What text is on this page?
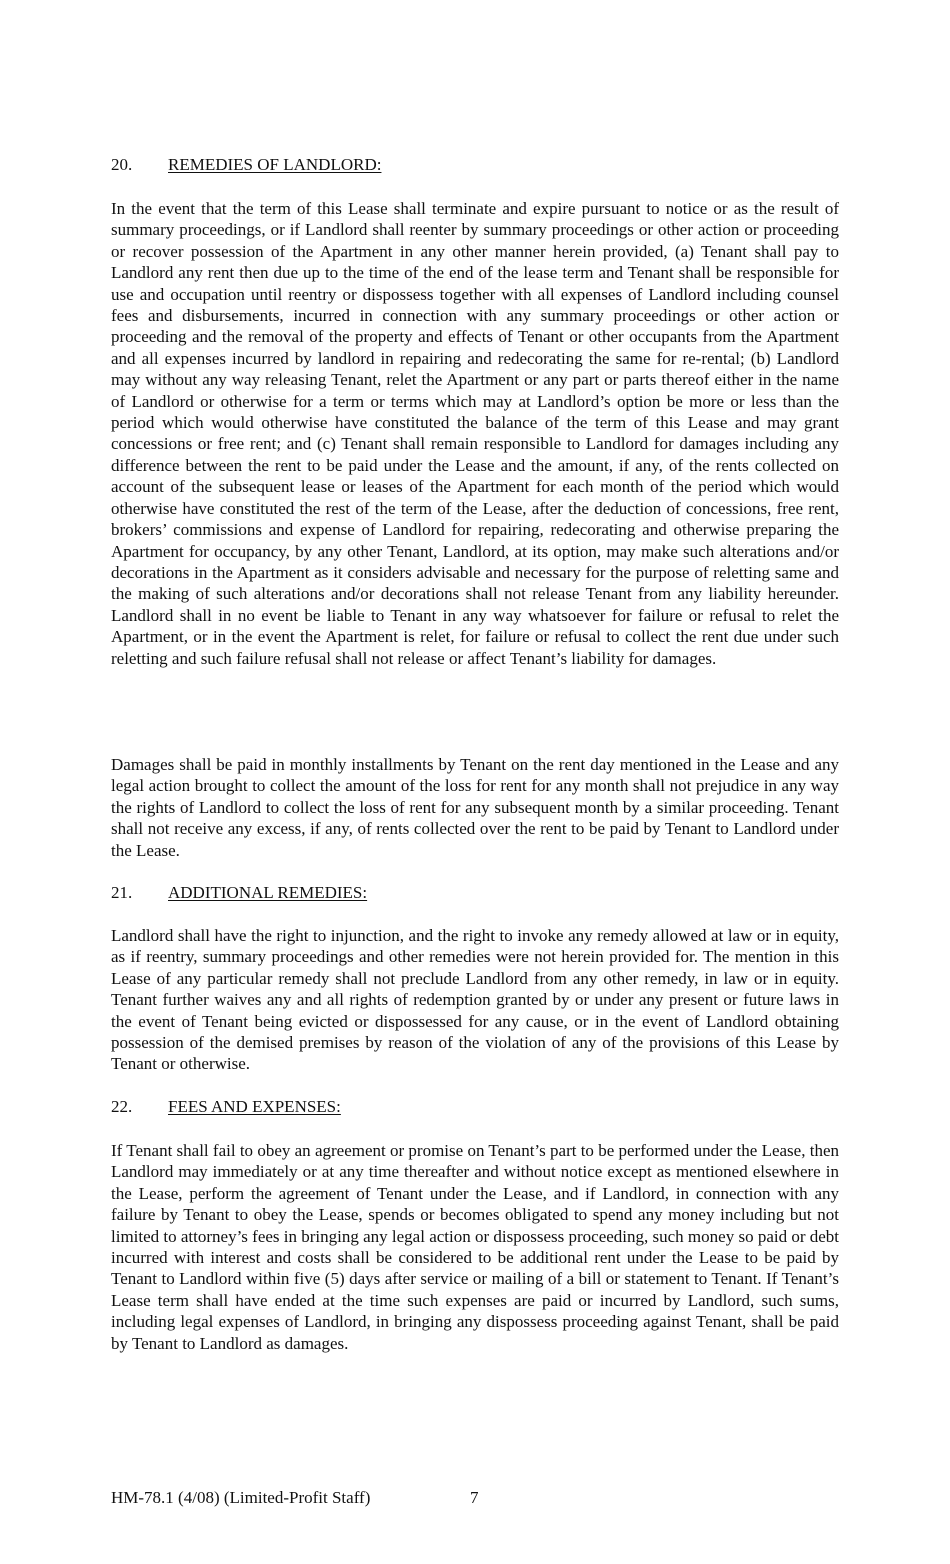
20. REMEDIES OF LANDLORD:

In the event that the term of this Lease shall terminate and expire pursuant to notice or as the result of summary proceedings, or if Landlord shall reenter by summary proceedings or other action or proceeding or recover possession of the Apartment in any other manner herein provided, (a) Tenant shall pay to Landlord any rent then due up to the time of the end of the lease term and Tenant shall be responsible for use and occupation until reentry or dispossess together with all expenses of Landlord including counsel fees and disbursements, incurred in connection with any summary proceedings or other action or proceeding and the removal of the property and effects of Tenant or other occupants from the Apartment and all expenses incurred by landlord in repairing and redecorating the same for re-rental; (b) Landlord may without any way releasing Tenant, relet the Apartment or any part or parts thereof either in the name of Landlord or otherwise for a term or terms which may at Landlord’s option be more or less than the period which would otherwise have constituted the balance of the term of this Lease and may grant concessions or free rent; and (c) Tenant shall remain responsible to Landlord for damages including any difference between the rent to be paid under the Lease and the amount, if any, of the rents collected on account of the subsequent lease or leases of the Apartment for each month of the period which would otherwise have constituted the rest of the term of the Lease, after the deduction of concessions, free rent, brokers’ commissions and expense of Landlord for repairing, redecorating and otherwise preparing the Apartment for occupancy, by any other Tenant, Landlord, at its option, may make such alterations and/or decorations in the Apartment as it considers advisable and necessary for the purpose of reletting same and the making of such alterations and/or decorations shall not release Tenant from any liability hereunder. Landlord shall in no event be liable to Tenant in any way whatsoever for failure or refusal to relet the Apartment, or in the event the Apartment is relet, for failure or refusal to collect the rent due under such reletting and such failure refusal shall not release or affect Tenant’s liability for damages.

Damages shall be paid in monthly installments by Tenant on the rent day mentioned in the Lease and any legal action brought to collect the amount of the loss for rent for any month shall not prejudice in any way the rights of Landlord to collect the loss of rent for any subsequent month by a similar proceeding. Tenant shall not receive any excess, if any, of rents collected over the rent to be paid by Tenant to Landlord under the Lease.

21. ADDITIONAL REMEDIES:

Landlord shall have the right to injunction, and the right to invoke any remedy allowed at law or in equity, as if reentry, summary proceedings and other remedies were not herein provided for. The mention in this Lease of any particular remedy shall not preclude Landlord from any other remedy, in law or in equity. Tenant further waives any and all rights of redemption granted by or under any present or future laws in the event of Tenant being evicted or dispossessed for any cause, or in the event of Landlord obtaining possession of the demised premises by reason of the violation of any of the provisions of this Lease by Tenant or otherwise.

22. FEES AND EXPENSES:

If Tenant shall fail to obey an agreement or promise on Tenant’s part to be performed under the Lease, then Landlord may immediately or at any time thereafter and without notice except as mentioned elsewhere in the Lease, perform the agreement of Tenant under the Lease, and if Landlord, in connection with any failure by Tenant to obey the Lease, spends or becomes obligated to spend any money including but not limited to attorney’s fees in bringing any legal action or dispossess proceeding, such money so paid or debt incurred with interest and costs shall be considered to be additional rent under the Lease to be paid by Tenant to Landlord within five (5) days after service or mailing of a bill or statement to Tenant. If Tenant’s Lease term shall have ended at the time such expenses are paid or incurred by Landlord, such sums, including legal expenses of Landlord, in bringing any dispossess proceeding against Tenant, shall be paid by Tenant to Landlord as damages.

HM-78.1 (4/08) (Limited-Profit Staff)	7
